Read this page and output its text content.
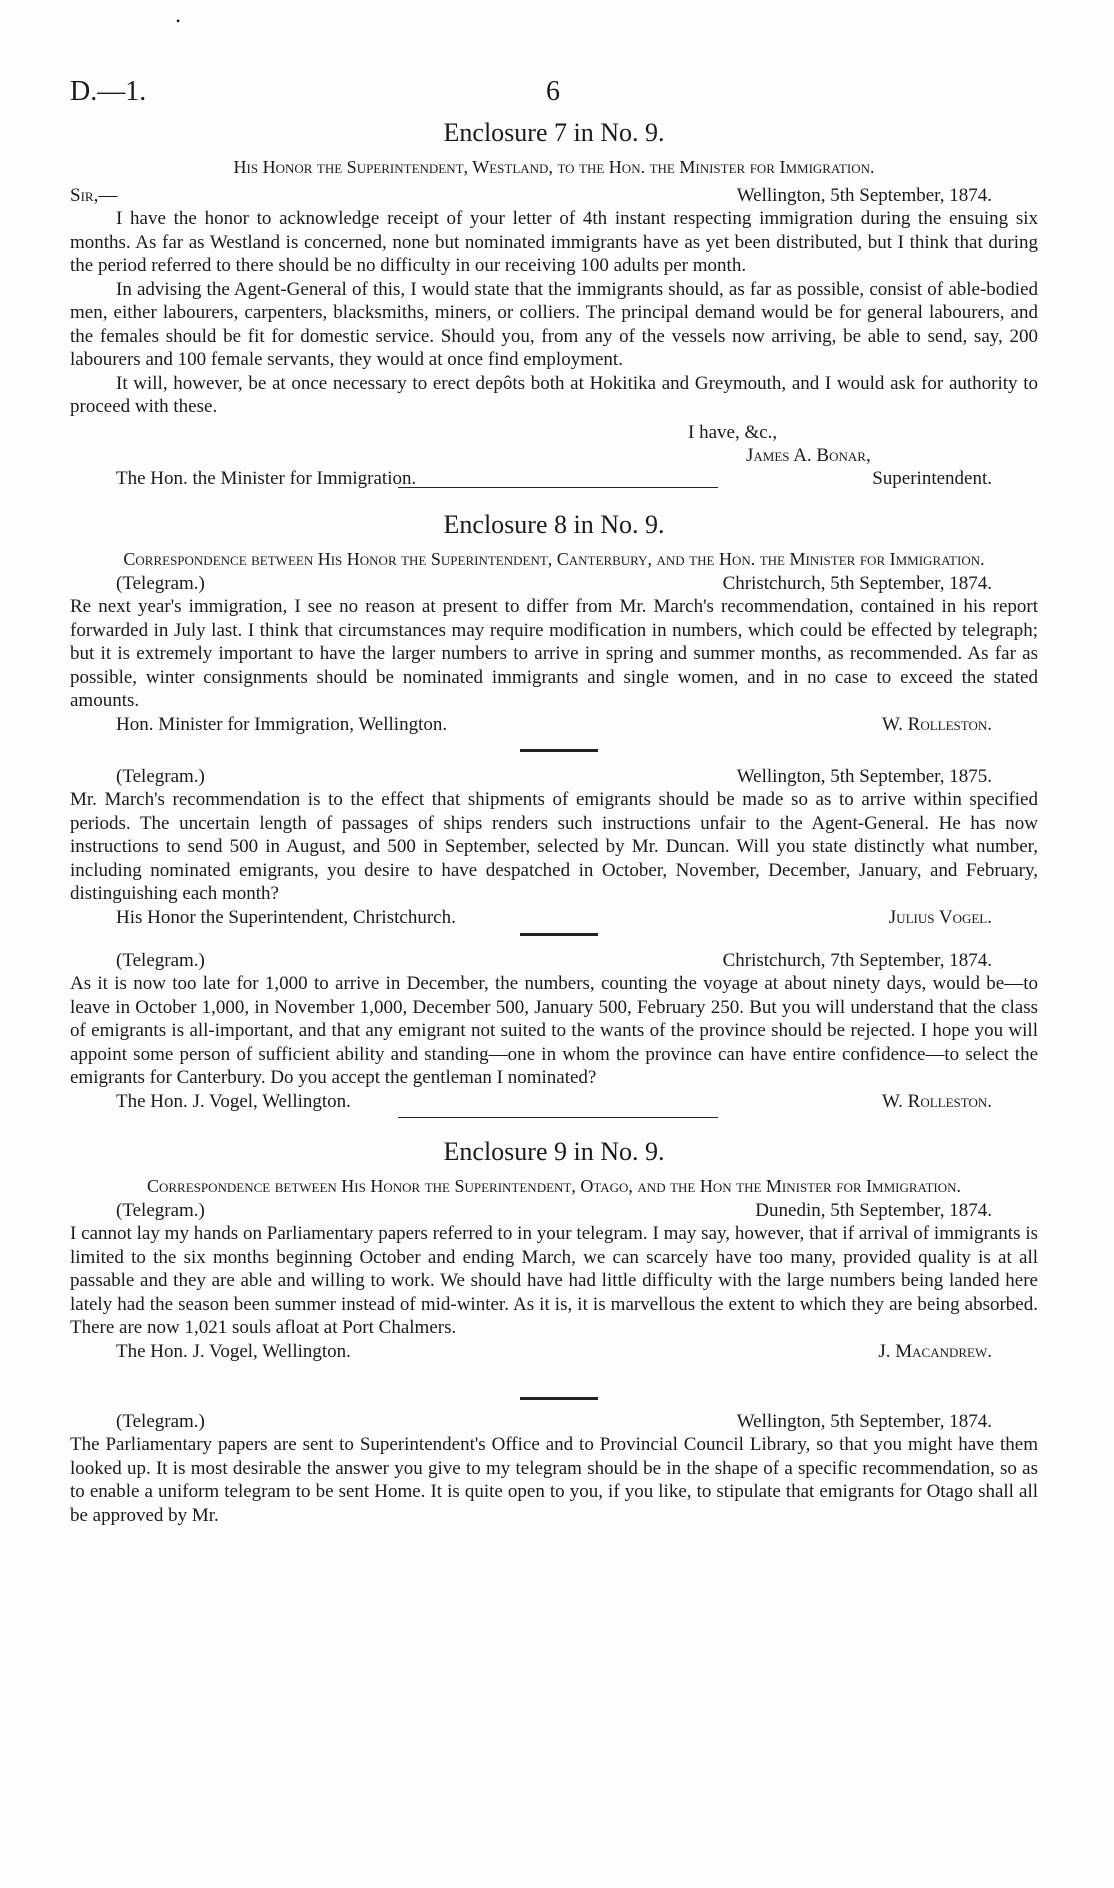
•
D.—1.	6

Enclosure 7 in No. 9.

His Honor the Superintendent, Westland, to the Hon. the Minister for Immigration.

Sir,—	Wellington, 5th September, 1874.

I have the honor to acknowledge receipt of your letter of 4th instant respecting immigration during the ensuing six months. As far as Westland is concerned, none but nominated immigrants have as yet been distributed, but I think that during the period referred to there should be no difficulty in our receiving 100 adults per month.

In advising the Agent-General of this, I would state that the immigrants should, as far as possible, consist of able-bodied men, either labourers, carpenters, blacksmiths, miners, or colliers. The principal demand would be for general labourers, and the females should be fit for domestic service. Should you, from any of the vessels now arriving, be able to send, say, 200 labourers and 100 female servants, they would at once find employment.

It will, however, be at once necessary to erect depôts both at Hokitika and Greymouth, and I would ask for authority to proceed with these.

I have, &c.,
James A. Bonar,
The Hon. the Minister for Immigration.	Superintendent.

Enclosure 8 in No. 9.

Correspondence between His Honor the Superintendent, Canterbury, and the Hon. the Minister for Immigration.

(Telegram.)	Christchurch, 5th September, 1874.

Re next year's immigration, I see no reason at present to differ from Mr. March's recommendation, contained in his report forwarded in July last. I think that circumstances may require modification in numbers, which could be effected by telegraph; but it is extremely important to have the larger numbers to arrive in spring and summer months, as recommended. As far as possible, winter consignments should be nominated immigrants and single women, and in no case to exceed the stated amounts.

Hon. Minister for Immigration, Wellington.	W. Rolleston.
(Telegram.)	Wellington, 5th September, 1875.

Mr. March's recommendation is to the effect that shipments of emigrants should be made so as to arrive within specified periods. The uncertain length of passages of ships renders such instructions unfair to the Agent-General. He has now instructions to send 500 in August, and 500 in September, selected by Mr. Duncan. Will you state distinctly what number, including nominated emigrants, you desire to have despatched in October, November, December, January, and February, distinguishing each month?

His Honor the Superintendent, Christchurch.	Julius Vogel.
(Telegram.)	Christchurch, 7th September, 1874.

As it is now too late for 1,000 to arrive in December, the numbers, counting the voyage at about ninety days, would be—to leave in October 1,000, in November 1,000, December 500, January 500, February 250. But you will understand that the class of emigrants is all-important, and that any emigrant not suited to the wants of the province should be rejected. I hope you will appoint some person of sufficient ability and standing—one in whom the province can have entire confidence—to select the emigrants for Canterbury. Do you accept the gentleman I nominated?

The Hon. J. Vogel, Wellington.	W. Rolleston.

Enclosure 9 in No. 9.

Correspondence between His Honor the Superintendent, Otago, and the Hon the Minister for Immigration.

(Telegram.)	Dunedin, 5th September, 1874.

I cannot lay my hands on Parliamentary papers referred to in your telegram. I may say, however, that if arrival of immigrants is limited to the six months beginning October and ending March, we can scarcely have too many, provided quality is at all passable and they are able and willing to work. We should have had little difficulty with the large numbers being landed here lately had the season been summer instead of mid-winter. As it is, it is marvellous the extent to which they are being absorbed. There are now 1,021 souls afloat at Port Chalmers.

The Hon. J. Vogel, Wellington.	J. Macandrew.
(Telegram.)	Wellington, 5th September, 1874.

The Parliamentary papers are sent to Superintendent's Office and to Provincial Council Library, so that you might have them looked up. It is most desirable the answer you give to my telegram should be in the shape of a specific recommendation, so as to enable a uniform telegram to be sent Home. It is quite open to you, if you like, to stipulate that emigrants for Otago shall all be approved by Mr.
